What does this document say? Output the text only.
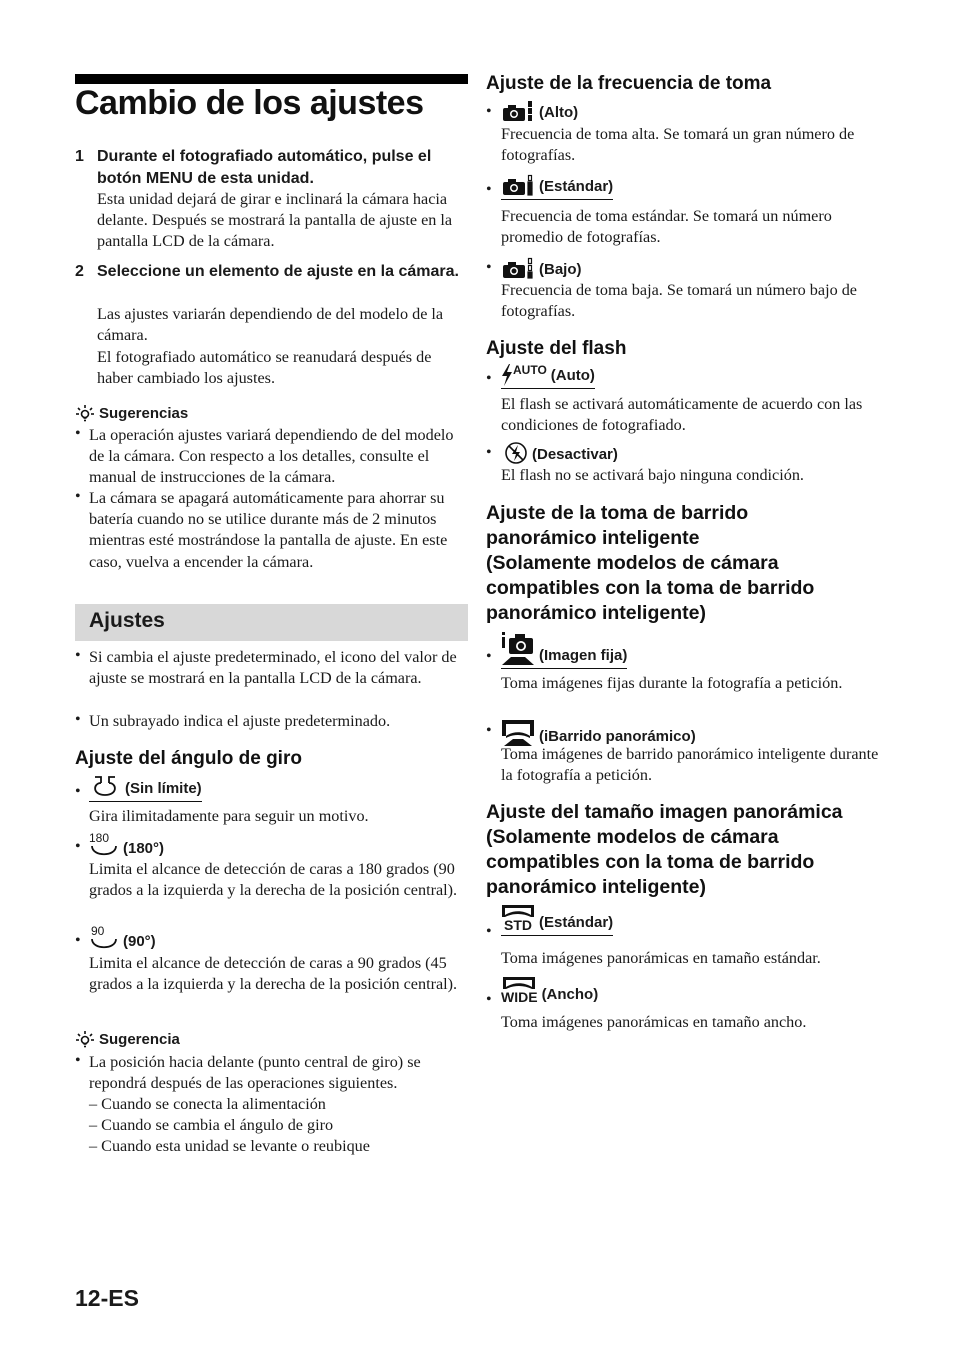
Cambio de los ajustes
1 Durante el fotografiado automático, pulse el botón MENU de esta unidad.
Esta unidad dejará de girar e inclinará la cámara hacia delante. Después se mostrará la pantalla de ajuste en la pantalla LCD de la cámara.
2 Seleccione un elemento de ajuste en la cámara.
Las ajustes variarán dependiendo de del modelo de la cámara.
El fotografiado automático se reanudará después de haber cambiado los ajustes.
Sugerencias
• La operación ajustes variará dependiendo de del modelo de la cámara. Con respecto a los detalles, consulte el manual de instrucciones de la cámara.
• La cámara se apagará automáticamente para ahorrar su batería cuando no se utilice durante más de 2 minutos mientras esté mostrándose la pantalla de ajuste. En este caso, vuelva a encender la cámara.
Ajustes
• Si cambia el ajuste predeterminado, el icono del valor de ajuste se mostrará en la pantalla LCD de la cámara.
• Un subrayado indica el ajuste predeterminado.
Ajuste del ángulo de giro
•	(Sin límite)
Gira ilimitadamente para seguir un motivo.
• 180
(180°)
Limita el alcance de detección de caras a 180 grados (90 grados a la izquierda y la derecha de la posición central).
•
90
(90°)
Limita el alcance de detección de caras a 90 grados (45 grados a la izquierda y la derecha de la posición central).
Sugerencia
• La posición hacia delante (punto central de giro) se repondrá después de las operaciones siguientes.
– Cuando se conecta la alimentación
– Cuando se cambia el ángulo de giro
– Cuando esta unidad se levante o reubique
12-ES
Ajuste de la frecuencia de toma
•	(Alto)
Frecuencia de toma alta. Se tomará un gran número de fotografías.
•	(Estándar)
Frecuencia de toma estándar. Se tomará un número promedio de fotografías.
•	(Bajo)
Frecuencia de toma baja. Se tomará un número bajo de fotografías.
Ajuste del flash
• AUTO (Auto)
El flash se activará automáticamente de acuerdo con las condiciones de fotografiado.
•	(Desactivar)
El flash no se activará bajo ninguna condición.
Ajuste de la toma de barrido
panorámico inteligente
(Solamente modelos de cámara
compatibles con la toma de barrido
panorámico inteligente)
•	(Imagen fija)
Toma imágenes fijas durante la fotografía a petición.
•	(iBarrido panorámico)
Toma imágenes de barrido panorámico inteligente durante la fotografía a petición.
Ajuste del tamaño imagen panorámica
(Solamente modelos de cámara
compatibles con la toma de barrido
panorámico inteligente)
• STD (Estándar)
Toma imágenes panorámicas en tamaño estándar.
• WIDE (Ancho)
Toma imágenes panorámicas en tamaño ancho.
